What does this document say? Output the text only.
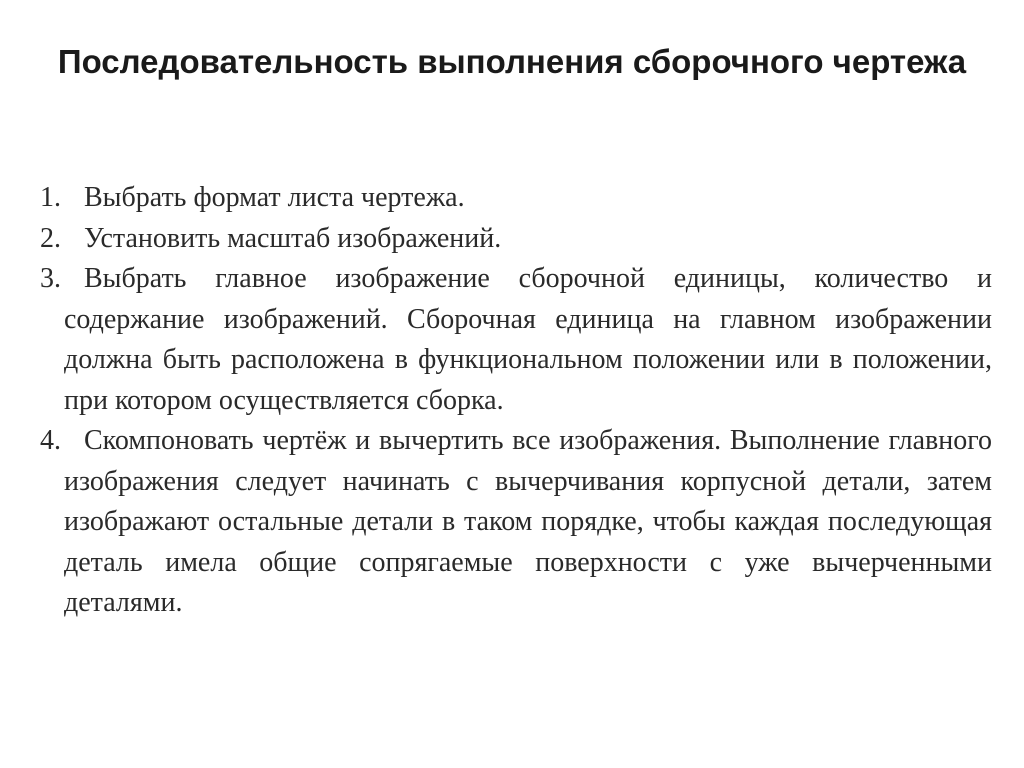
Последовательность выполнения сборочного чертежа
1. Выбрать формат листа чертежа.
2. Установить масштаб изображений.
3. Выбрать главное изображение сборочной единицы, количество и содержание изображений. Сборочная единица на главном изображении должна быть расположена в функциональном положении или в положении, при котором осуществляется сборка.
4. Скомпоновать чертёж и вычертить все изображения. Выполнение главного изображения следует начинать с вычерчивания корпусной детали, затем изображают остальные детали в таком порядке, чтобы каждая последующая деталь имела общие сопрягаемые поверхности с уже вычерченными деталями.
